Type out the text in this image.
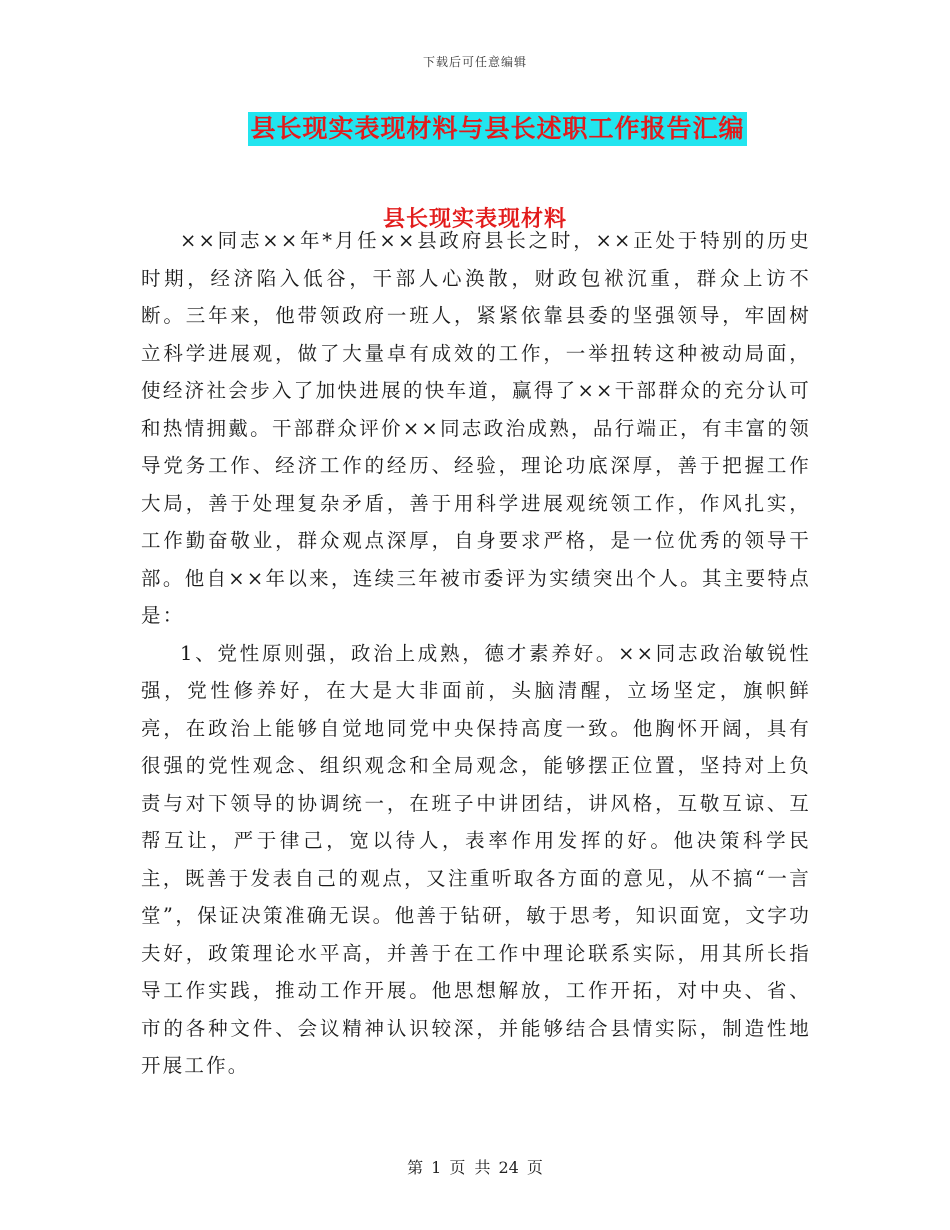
下载后可任意编辑
县长现实表现材料与县长述职工作报告汇编
县长现实表现材料

××同志××年*月任××县政府县长之时，××正处于特别的历史时期，经济陷入低谷，干部人心涣散，财政包袱沉重，群众上访不断。三年来，他带领政府一班人，紧紧依靠县委的坚强领导，牢固树立科学进展观，做了大量卓有成效的工作，一举扭转这种被动局面，使经济社会步入了加快进展的快车道，赢得了××干部群众的充分认可和热情拥戴。干部群众评价××同志政治成熟，品行端正，有丰富的领导党务工作、经济工作的经历、经验，理论功底深厚，善于把握工作大局，善于处理复杂矛盾，善于用科学进展观统领工作，作风扎实，工作勤奋敬业，群众观点深厚，自身要求严格，是一位优秀的领导干部。他自××年以来，连续三年被市委评为实绩突出个人。其主要特点是：

1、党性原则强，政治上成熟，德才素养好。××同志政治敏锐性强，党性修养好，在大是大非面前，头脑清醒，立场坚定，旗帜鲜亮，在政治上能够自觉地同党中央保持高度一致。他胸怀开阔，具有很强的党性观念、组织观念和全局观念，能够摆正位置，坚持对上负责与对下领导的协调统一，在班子中讲团结，讲风格，互敬互谅、互帮互让，严于律己，宽以待人，表率作用发挥的好。他决策科学民主，既善于发表自己的观点，又注重听取各方面的意见，从不搞“一言堂”，保证决策准确无误。他善于钻研，敏于思考，知识面宽，文字功夫好，政策理论水平高，并善于在工作中理论联系实际，用其所长指导工作实践，推动工作开展。他思想解放，工作开拓，对中央、省、市的各种文件、会议精神认识较深，并能够结合县情实际，制造性地开展工作。

第 1 页 共 24 页
